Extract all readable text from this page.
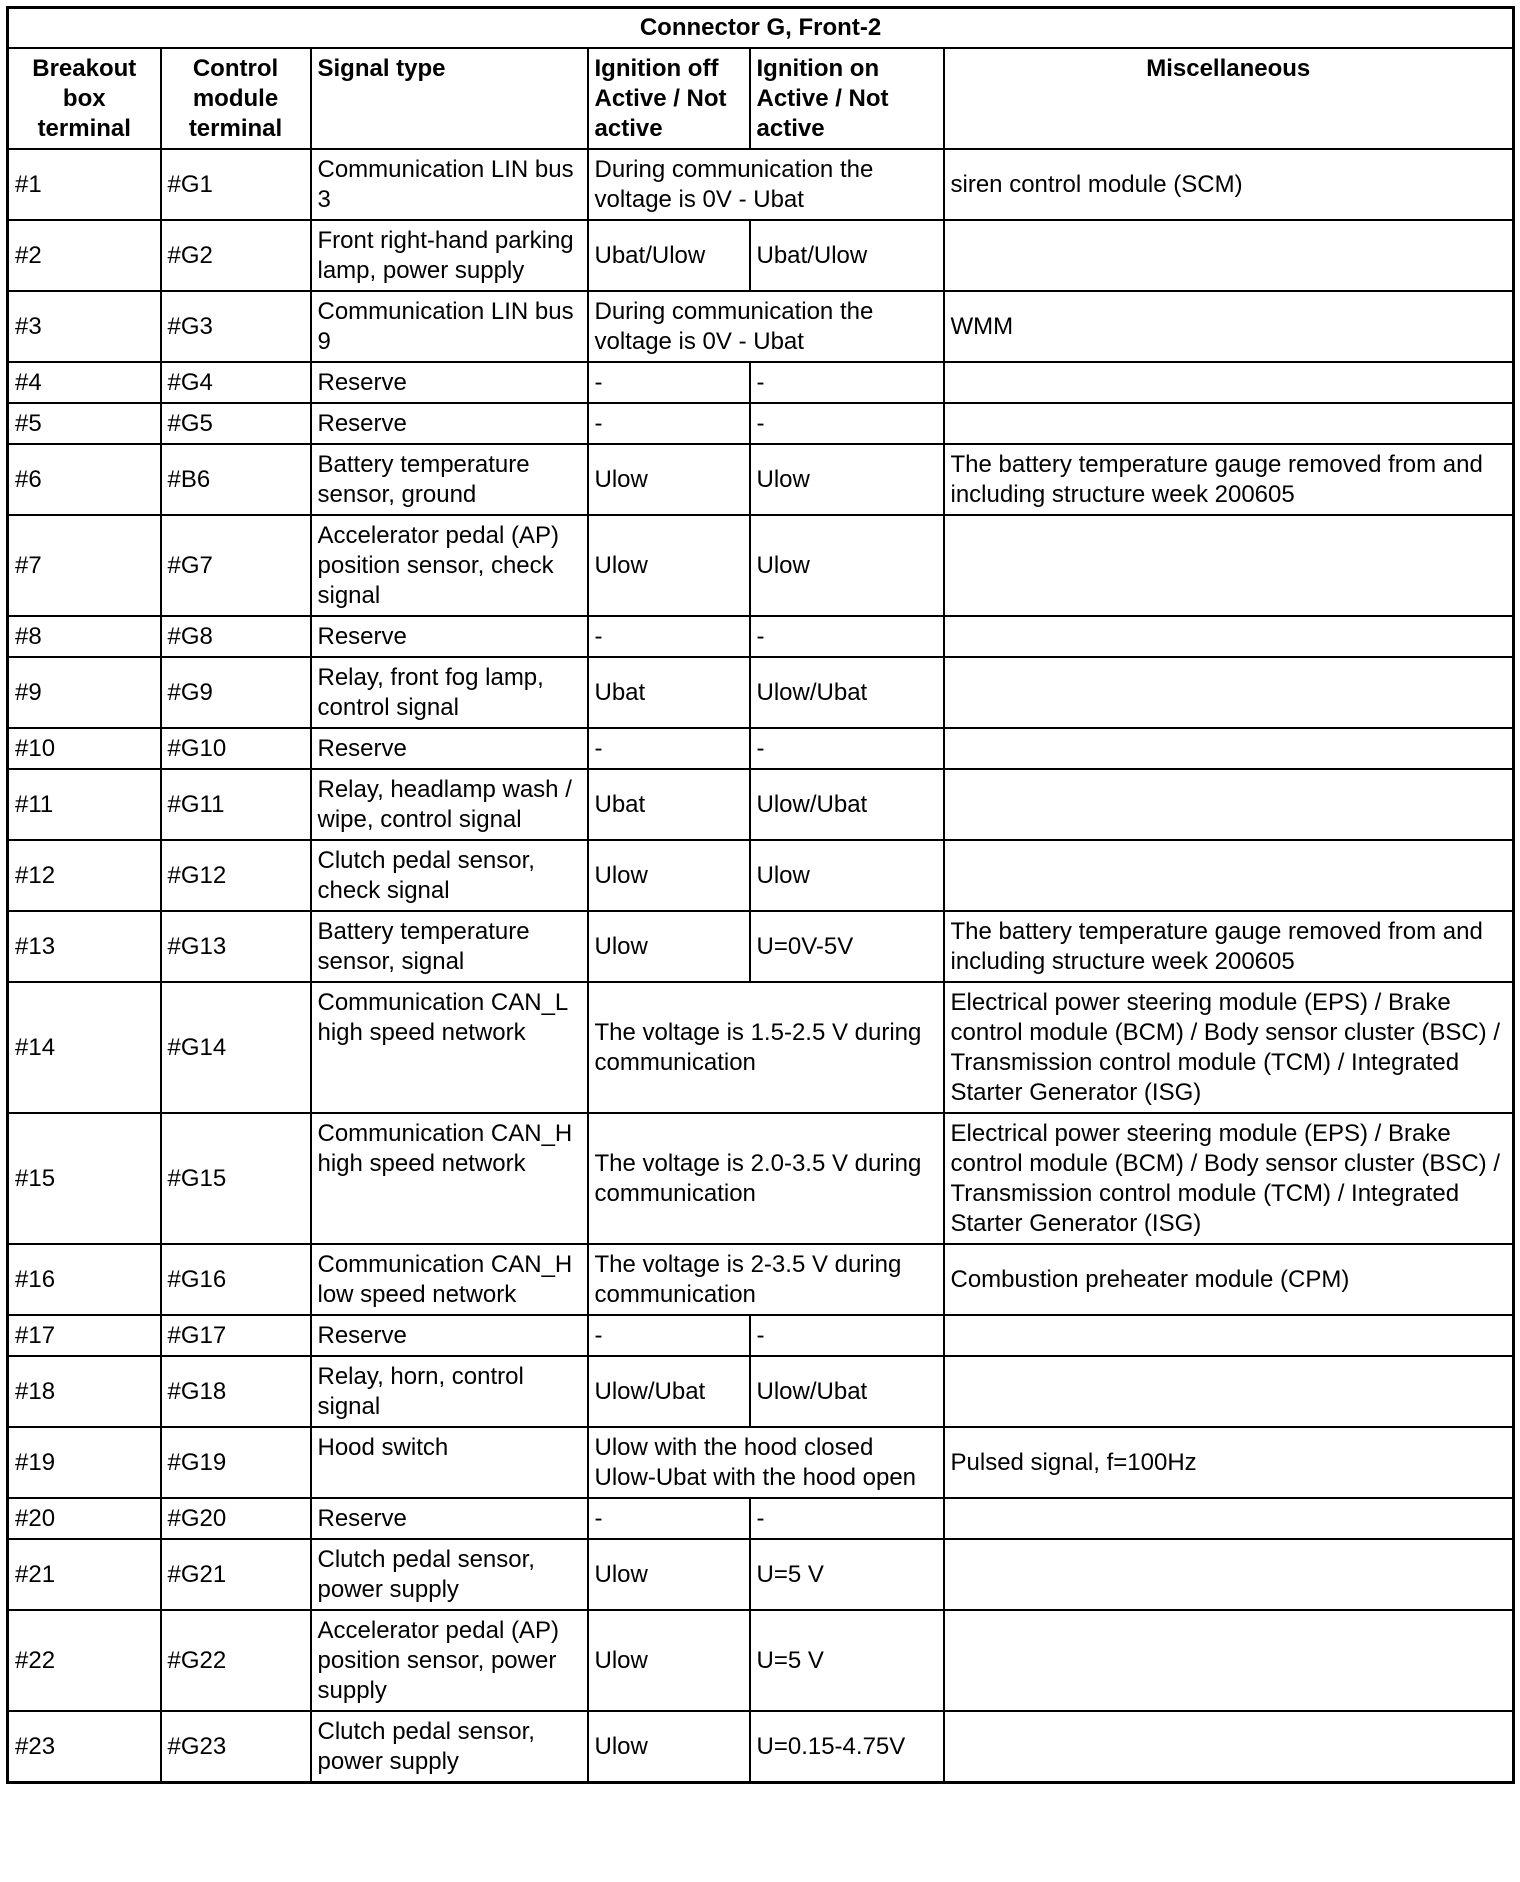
Connector G, Front-2					
Breakout box terminal	Control module terminal	Signal type	Ignition off Active / Not active	Ignition on Active / Not active	Miscellaneous
#1	#G1	Communication LIN bus 3	During communication the voltage is 0V - Ubat		siren control module (SCM)
#2	#G2	Front right-hand parking lamp, power supply	Ubat/Ulow	Ubat/Ulow	
#3	#G3	Communication LIN bus 9	During communication the voltage is 0V - Ubat		WMM
#4	#G4	Reserve	-	-	
#5	#G5	Reserve	-	-	
#6	#B6	Battery temperature sensor, ground	Ulow	Ulow	The battery temperature gauge removed from and including structure week 200605
#7	#G7	Accelerator pedal (AP) position sensor, check signal	Ulow	Ulow	
#8	#G8	Reserve	-	-	
#9	#G9	Relay, front fog lamp, control signal	Ubat	Ulow/Ubat	
#10	#G10	Reserve	-	-	
#11	#G11	Relay, headlamp wash / wipe, control signal	Ubat	Ulow/Ubat	
#12	#G12	Clutch pedal sensor, check signal	Ulow	Ulow	
#13	#G13	Battery temperature sensor, signal	Ulow	U=0V-5V	The battery temperature gauge removed from and including structure week 200605
#14	#G14	Communication CAN_L high speed network	The voltage is 1.5-2.5 V during communication		Electrical power steering module (EPS) / Brake control module (BCM) / Body sensor cluster (BSC) / Transmission control module (TCM) / Integrated Starter Generator (ISG)
#15	#G15	Communication CAN_H high speed network	The voltage is 2.0-3.5 V during communication		Electrical power steering module (EPS) / Brake control module (BCM) / Body sensor cluster (BSC) / Transmission control module (TCM) / Integrated Starter Generator (ISG)
#16	#G16	Communication CAN_H low speed network	The voltage is 2-3.5 V during communication		Combustion preheater module (CPM)
#17	#G17	Reserve	-	-	
#18	#G18	Relay, horn, control signal	Ulow/Ubat	Ulow/Ubat	
#19	#G19	Hood switch	Ulow with the hood closed Ulow-Ubat with the hood open		Pulsed signal, f=100Hz
#20	#G20	Reserve	-	-	
#21	#G21	Clutch pedal sensor, power supply	Ulow	U=5 V	
#22	#G22	Accelerator pedal (AP) position sensor, power supply	Ulow	U=5 V	
#23	#G23	Clutch pedal sensor, power supply	Ulow	U=0.15-4.75V	
